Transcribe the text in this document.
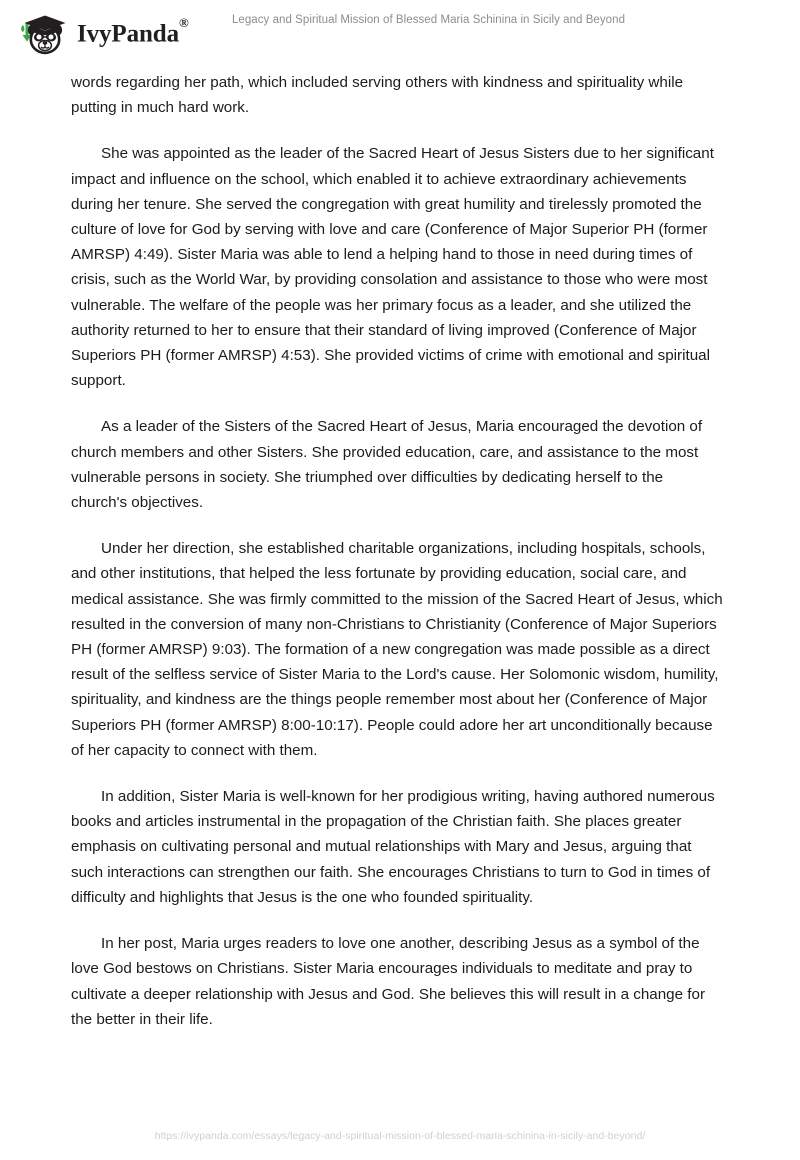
IvyPanda®	Legacy and Spiritual Mission of Blessed Maria Schinina in Sicily and Beyond

words regarding her path, which included serving others with kindness and spirituality while putting in much hard work.

She was appointed as the leader of the Sacred Heart of Jesus Sisters due to her significant impact and influence on the school, which enabled it to achieve extraordinary achievements during her tenure. She served the congregation with great humility and tirelessly promoted the culture of love for God by serving with love and care (Conference of Major Superior PH (former AMRSP) 4:49). Sister Maria was able to lend a helping hand to those in need during times of crisis, such as the World War, by providing consolation and assistance to those who were most vulnerable. The welfare of the people was her primary focus as a leader, and she utilized the authority returned to her to ensure that their standard of living improved (Conference of Major Superiors PH (former AMRSP) 4:53). She provided victims of crime with emotional and spiritual support.

As a leader of the Sisters of the Sacred Heart of Jesus, Maria encouraged the devotion of church members and other Sisters. She provided education, care, and assistance to the most vulnerable persons in society. She triumphed over difficulties by dedicating herself to the church's objectives.

Under her direction, she established charitable organizations, including hospitals, schools, and other institutions, that helped the less fortunate by providing education, social care, and medical assistance. She was firmly committed to the mission of the Sacred Heart of Jesus, which resulted in the conversion of many non-Christians to Christianity (Conference of Major Superiors PH (former AMRSP) 9:03). The formation of a new congregation was made possible as a direct result of the selfless service of Sister Maria to the Lord's cause. Her Solomonic wisdom, humility, spirituality, and kindness are the things people remember most about her (Conference of Major Superiors PH (former AMRSP) 8:00-10:17). People could adore her art unconditionally because of her capacity to connect with them.

In addition, Sister Maria is well-known for her prodigious writing, having authored numerous books and articles instrumental in the propagation of the Christian faith. She places greater emphasis on cultivating personal and mutual relationships with Mary and Jesus, arguing that such interactions can strengthen our faith. She encourages Christians to turn to God in times of difficulty and highlights that Jesus is the one who founded spirituality.

In her post, Maria urges readers to love one another, describing Jesus as a symbol of the love God bestows on Christians. Sister Maria encourages individuals to meditate and pray to cultivate a deeper relationship with Jesus and God. She believes this will result in a change for the better in their life.

https://ivypanda.com/essays/legacy-and-spiritual-mission-of-blessed-maria-schinina-in-sicily-and-beyond/
